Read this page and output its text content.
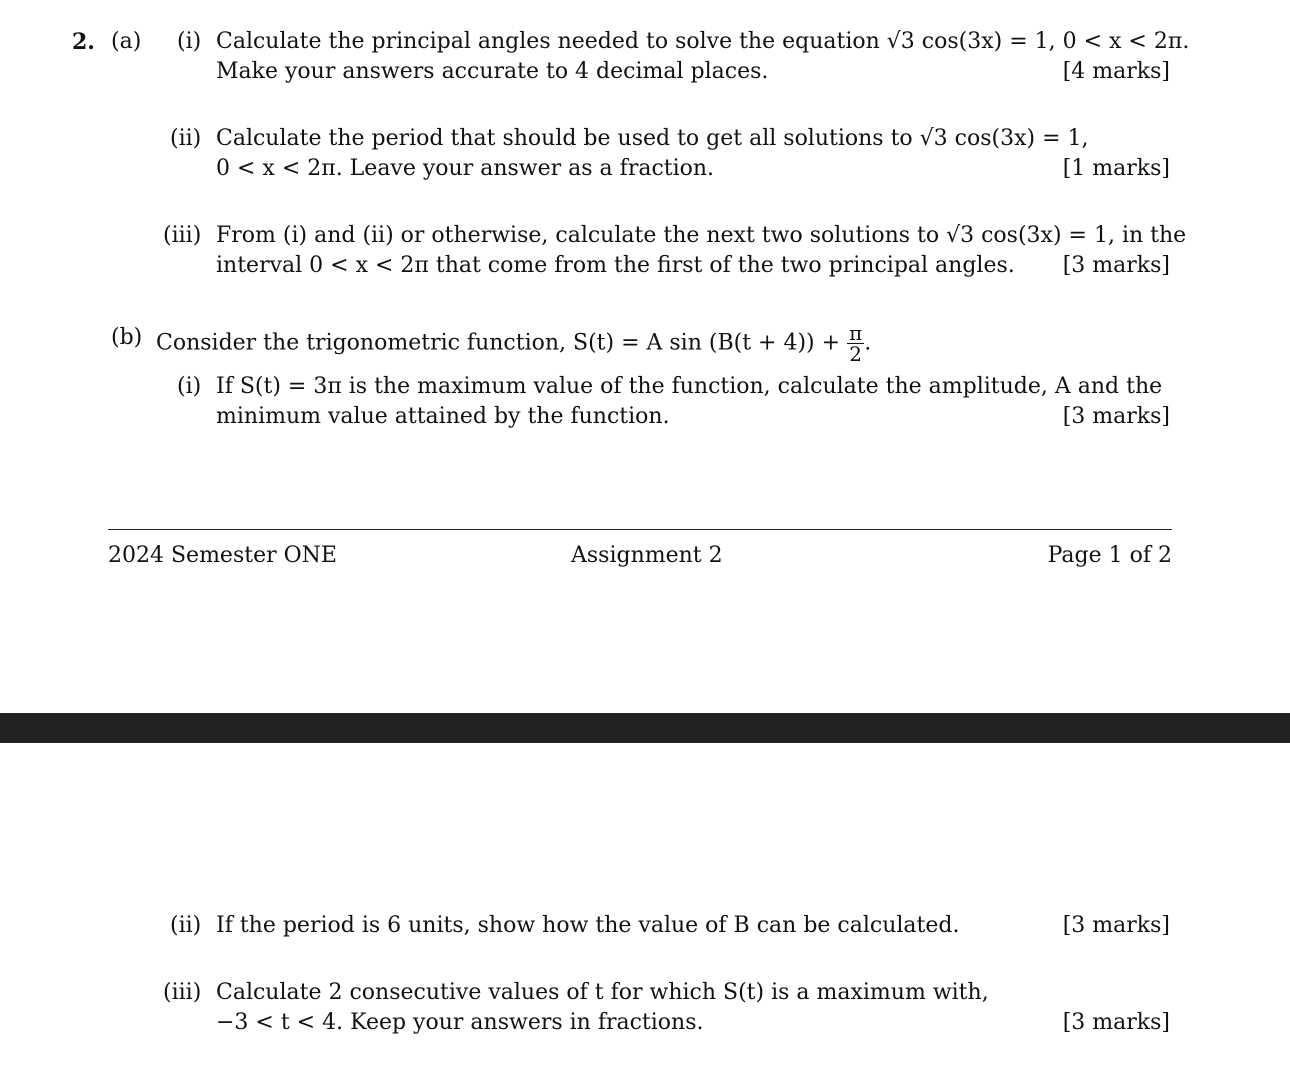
2. (a) (i) Calculate the principal angles needed to solve the equation √3 cos(3x) = 1, 0 < x < 2π.
Make your answers accurate to 4 decimal places.	[4 marks]
(ii) Calculate the period that should be used to get all solutions to √3 cos(3x) = 1,
0 < x < 2π. Leave your answer as a fraction.	[1 marks]
(iii) From (i) and (ii) or otherwise, calculate the next two solutions to √3 cos(3x) = 1, in the
interval 0 < x < 2π that come from the first of the two principal angles. [3 marks]
(b) Consider the trigonometric function, S(t) = A $\sin (B(t + 4)) + \frac{\pi}{2}$ .
(i) If S(t) = 3π is the maximum value of the function, calculate the amplitude, A and the
minimum value attained by the function.	[3 marks]
2024 Semester ONE	Assignment 2	Page 1 of 2
(ii) If the period is 6 units, show how the value of B can be calculated.	[3 marks]
(iii) Calculate 2 consecutive values of t for which S(t) is a maximum with,
−3 < t < 4. Keep your answers in fractions.	[3 marks]
